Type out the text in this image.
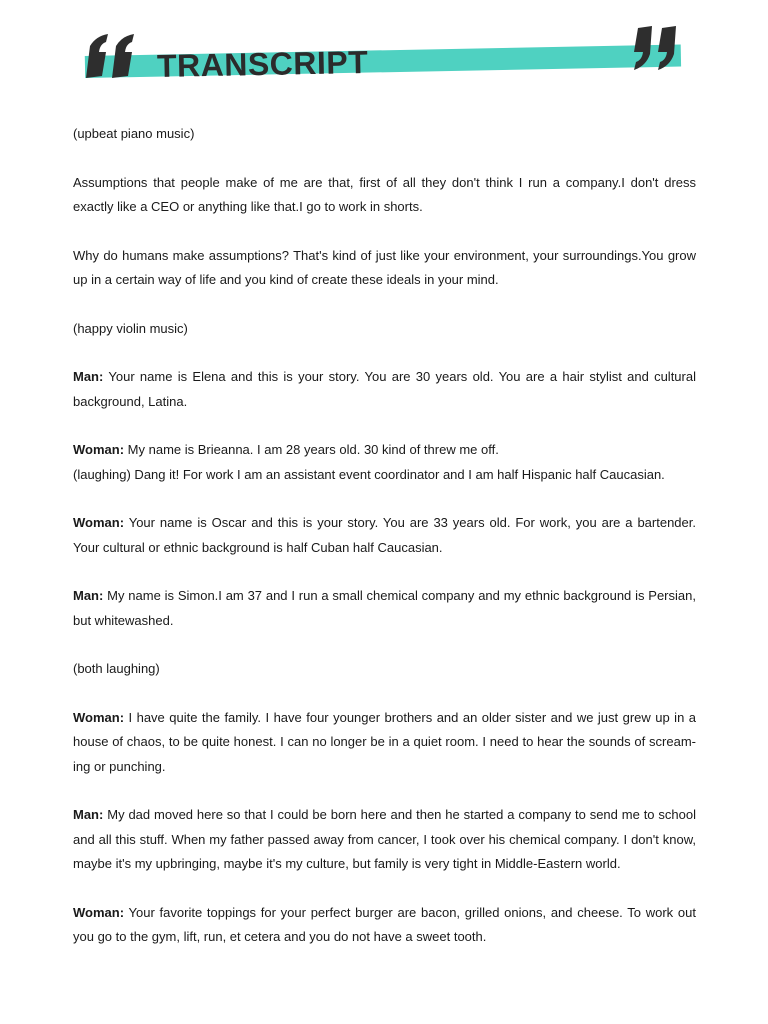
TRANSCRIPT

(upbeat piano music)

Assumptions that people make of me are that, first of all they don't think I run a company.I don't dress exactly like a CEO or anything like that.I go to work in shorts.

Why do humans make assumptions? That's kind of just like your environment, your surroundings.You grow up in a certain way of life and you kind of create these ideals in your mind.

(happy violin music)

Man: Your name is Elena and this is your story. You are 30 years old. You are a hair stylist and cultural background, Latina.

Woman: My name is Brieanna. I am 28 years old. 30 kind of threw me off.
(laughing) Dang it! For work I am an assistant event coordinator and I am half Hispanic half Caucasian.

Woman: Your name is Oscar and this is your story. You are 33 years old. For work, you are a bartender. Your cultural or ethnic background is half Cuban half Caucasian.

Man: My name is Simon.I am 37 and I run a small chemical company and my ethnic background is Persian, but whitewashed.

(both laughing)

Woman: I have quite the family. I have four younger brothers and an older sister and we just grew up in a house of chaos, to be quite honest. I can no longer be in a quiet room. I need to hear the sounds of scream-ing or punching.

Man: My dad moved here so that I could be born here and then he started a company to send me to school and all this stuff. When my father passed away from cancer, I took over his chemical company. I don't know, maybe it's my upbringing, maybe it's my culture, but family is very tight in Middle-Eastern world.

Woman: Your favorite toppings for your perfect burger are bacon, grilled onions, and cheese. To work out you go to the gym, lift, run, et cetera and you do not have a sweet tooth.
